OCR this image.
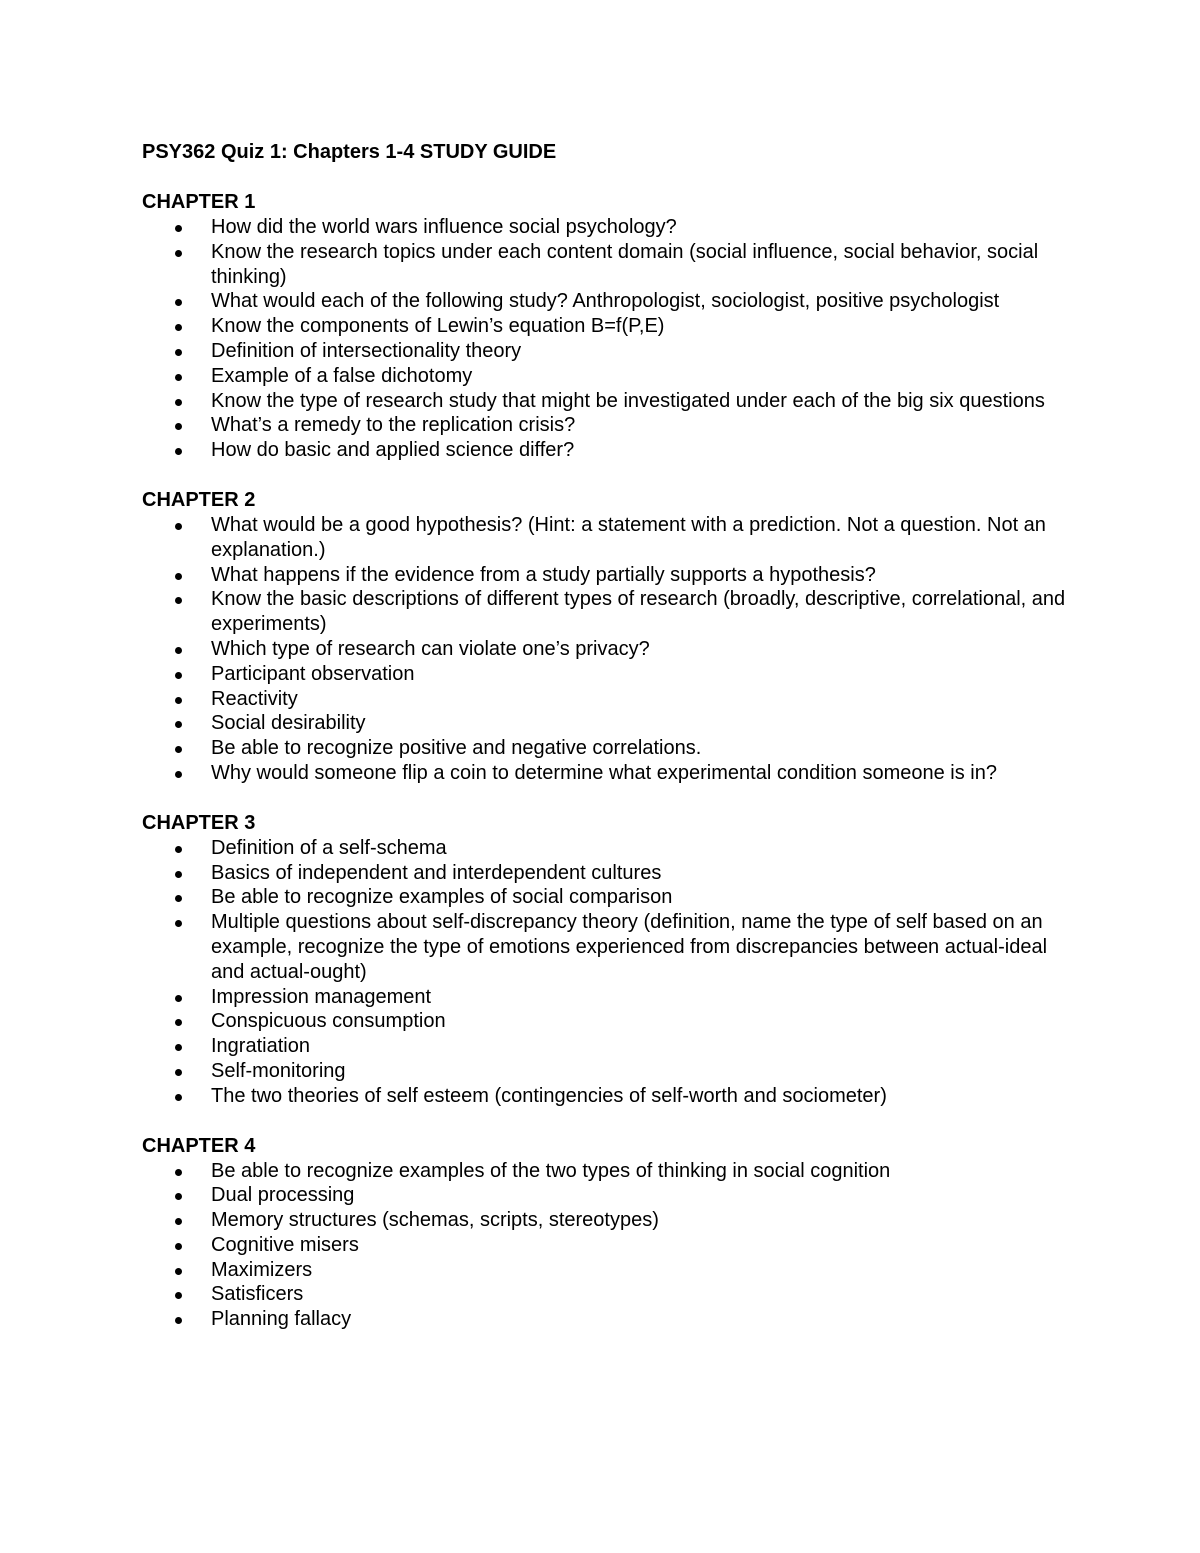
PSY362 Quiz 1: Chapters 1-4 STUDY GUIDE
CHAPTER 1
How did the world wars influence social psychology?
Know the research topics under each content domain (social influence, social behavior, social thinking)
What would each of the following study? Anthropologist, sociologist, positive psychologist
Know the components of Lewin’s equation B=f(P,E)
Definition of intersectionality theory
Example of a false dichotomy
Know the type of research study that might be investigated under each of the big six questions
What’s a remedy to the replication crisis?
How do basic and applied science differ?
CHAPTER 2
What would be a good hypothesis? (Hint: a statement with a prediction. Not a question. Not an explanation.)
What happens if the evidence from a study partially supports a hypothesis?
Know the basic descriptions of different types of research (broadly, descriptive, correlational, and experiments)
Which type of research can violate one’s privacy?
Participant observation
Reactivity
Social desirability
Be able to recognize positive and negative correlations.
Why would someone flip a coin to determine what experimental condition someone is in?
CHAPTER 3
Definition of a self-schema
Basics of independent and interdependent cultures
Be able to recognize examples of social comparison
Multiple questions about self-discrepancy theory (definition, name the type of self based on an example, recognize the type of emotions experienced from discrepancies between actual-ideal and actual-ought)
Impression management
Conspicuous consumption
Ingratiation
Self-monitoring
The two theories of self esteem (contingencies of self-worth and sociometer)
CHAPTER 4
Be able to recognize examples of the two types of thinking in social cognition
Dual processing
Memory structures (schemas, scripts, stereotypes)
Cognitive misers
Maximizers
Satisficers
Planning fallacy
